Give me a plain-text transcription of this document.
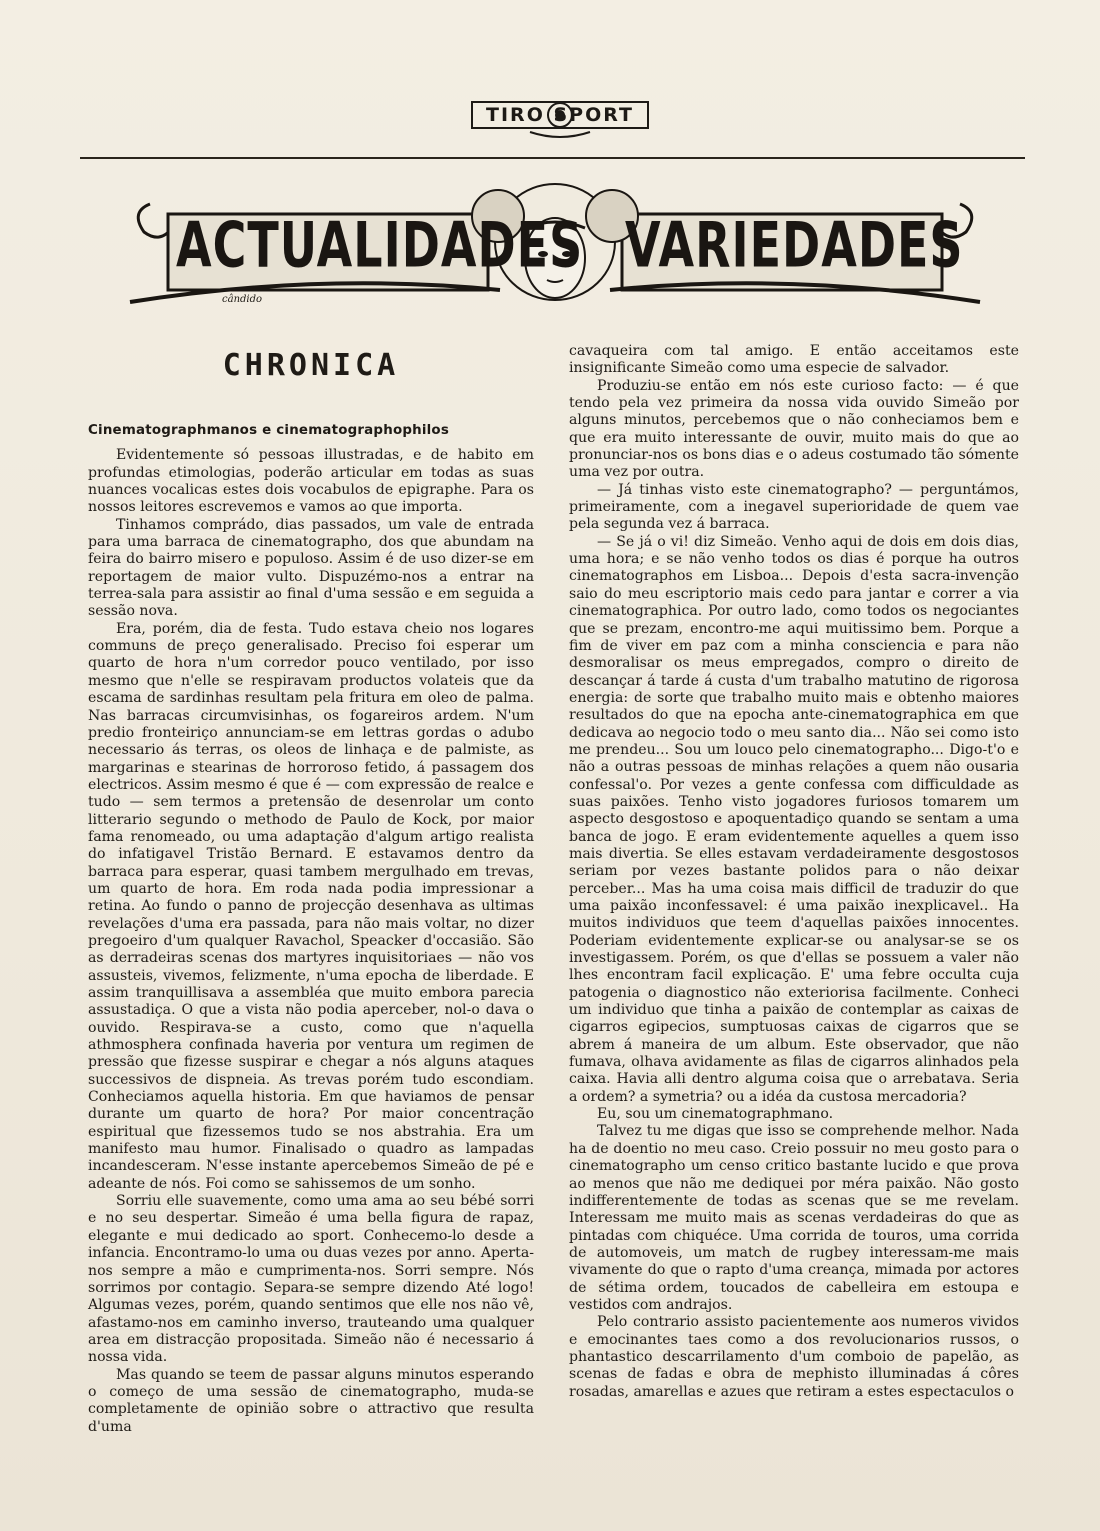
TIRO SPORT
ACTUALIDADES VARIEDADES
cândido
CHRONICA
Cinematographmanos e cinematographophilos

Evidentemente só pessoas illustradas, e de habito em profundas etimologias, poderão articular em todas as suas nuances vocalicas estes dois vocabulos de epigraphe. Para os nossos leitores escrevemos e vamos ao que importa.

Tinhamos comprádo, dias passados, um vale de entrada para uma barraca de cinematographo, dos que abundam na feira do bairro misero e populoso. Assim é de uso dizer-se em reportagem de maior vulto. Dispuzémo-nos a entrar na terrea-sala para assistir ao final d'uma sessão e em seguida a sessão nova.

Era, porém, dia de festa. Tudo estava cheio nos logares communs de preço generalisado. Preciso foi esperar um quarto de hora n'um corredor pouco ventilado, por isso mesmo que n'elle se respiravam productos volateis que da escama de sardinhas resultam pela fritura em oleo de palma. Nas barracas circumvisinhas, os fogareiros ardem. N'um predio fronteiriço annunciam-se em lettras gordas o adubo necessario ás terras, os oleos de linhaça e de palmiste, as margarinas e stearinas de horroroso fetido, á passagem dos electricos. Assim mesmo é que é — com expressão de realce e tudo — sem termos a pretensão de desenrolar um conto litterario segundo o methodo de Paulo de Kock, por maior fama renomeado, ou uma adaptação d'algum artigo realista do infatigavel Tristão Bernard. E estavamos dentro da barraca para esperar, quasi tambem mergulhado em trevas, um quarto de hora. Em roda nada podia impressionar a retina. Ao fundo o panno de projecção desenhava as ultimas revelações d'uma era passada, para não mais voltar, no dizer pregoeiro d'um qualquer Ravachol, Speacker d'occasião. São as derradeiras scenas dos martyres inquisitoriaes — não vos assusteis, vivemos, felizmente, n'uma epocha de liberdade. E assim tranquillisava a assembléa que muito embora parecia assustadiça. O que a vista não podia aperceber, nol-o dava o ouvido. Respirava-se a custo, como que n'aquella athmosphera confinada haveria por ventura um regimen de pressão que fizesse suspirar e chegar a nós alguns ataques successivos de dispneia. As trevas porém tudo escondiam. Conheciamos aquella historia. Em que haviamos de pensar durante um quarto de hora? Por maior concentração espiritual que fizessemos tudo se nos abstrahia. Era um manifesto mau humor. Finalisado o quadro as lampadas incandesceram. N'esse instante apercebemos Simeão de pé e adeante de nós. Foi como se sahissemos de um sonho.

Sorriu elle suavemente, como uma ama ao seu bébé sorri e no seu despertar. Simeão é uma bella figura de rapaz, elegante e mui dedicado ao sport. Conhecemo-lo desde a infancia. Encontramo-lo uma ou duas vezes por anno. Aperta-nos sempre a mão e cumprimenta-nos. Sorri sempre. Nós sorrimos por contagio. Separa-se sempre dizendo Até logo! Algumas vezes, porém, quando sentimos que elle nos não vê, afastamo-nos em caminho inverso, trauteando uma qualquer area em distracção propositada. Simeão não é necessario á nossa vida.

Mas quando se teem de passar alguns minutos esperando o começo de uma sessão de cinematographo, muda-se completamente de opinião sobre o attractivo que resulta d'uma

cavaqueira com tal amigo. E então acceitamos este insignificante Simeão como uma especie de salvador.

Produziu-se então em nós este curioso facto: — é que tendo pela vez primeira da nossa vida ouvido Simeão por alguns minutos, percebemos que o não conheciamos bem e que era muito interessante de ouvir, muito mais do que ao pronunciar-nos os bons dias e o adeus costumado tão sómente uma vez por outra.

— Já tinhas visto este cinematographo? — perguntámos, primeiramente, com a inegavel superioridade de quem vae pela segunda vez á barraca.

— Se já o vi! diz Simeão. Venho aqui de dois em dois dias, uma hora; e se não venho todos os dias é porque ha outros cinematographos em Lisboa... Depois d'esta sacra-invenção saio do meu escriptorio mais cedo para jantar e correr a via cinematographica. Por outro lado, como todos os negociantes que se prezam, encontro-me aqui muitissimo bem. Porque a fim de viver em paz com a minha consciencia e para não desmoralisar os meus empregados, compro o direito de descançar á tarde á custa d'um trabalho matutino de rigorosa energia: de sorte que trabalho muito mais e obtenho maiores resultados do que na epocha ante-cinematographica em que dedicava ao negocio todo o meu santo dia... Não sei como isto me prendeu... Sou um louco pelo cinematographo... Digo-t'o e não a outras pessoas de minhas relações a quem não ousaria confessal'o. Por vezes a gente confessa com difficuldade as suas paixões. Tenho visto jogadores furiosos tomarem um aspecto desgostoso e apoquentadiço quando se sentam a uma banca de jogo. E eram evidentemente aquelles a quem isso mais divertia. Se elles estavam verdadeiramente desgostosos seriam por vezes bastante polidos para o não deixar perceber... Mas ha uma coisa mais difficil de traduzir do que uma paixão inconfessavel: é uma paixão inexplicavel.. Ha muitos individuos que teem d'aquellas paixões innocentes. Poderiam evidentemente explicar-se ou analysar-se se os investigassem. Porém, os que d'ellas se possuem a valer não lhes encontram facil explicação. E' uma febre occulta cuja patogenia o diagnostico não exteriorisa facilmente. Conheci um individuo que tinha a paixão de contemplar as caixas de cigarros egipecios, sumptuosas caixas de cigarros que se abrem á maneira de um album. Este observador, que não fumava, olhava avidamente as filas de cigarros alinhados pela caixa. Havia alli dentro alguma coisa que o arrebatava. Seria a ordem? a symetria? ou a idéa da custosa mercadoria?

Eu, sou um cinematographmano.

Talvez tu me digas que isso se comprehende melhor. Nada ha de doentio no meu caso. Creio possuir no meu gosto para o cinematographo um censo critico bastante lucido e que prova ao menos que não me dediquei por méra paixão. Não gosto indifferentemente de todas as scenas que se me revelam. Interessam me muito mais as scenas verdadeiras do que as pintadas com chiquéce. Uma corrida de touros, uma corrida de automoveis, um match de rugbey interessam-me mais vivamente do que o rapto d'uma creança, mimada por actores de sétima ordem, toucados de cabelleira em estoupa e vestidos com andrajos.

Pelo contrario assisto pacientemente aos numeros vividos e emocinantes taes como a dos revolucionarios russos, o phantastico descarrilamento d'um comboio de papelão, as scenas de fadas e obra de mephisto illuminadas á côres rosadas, amarellas e azues que retiram a estes espectaculos o
